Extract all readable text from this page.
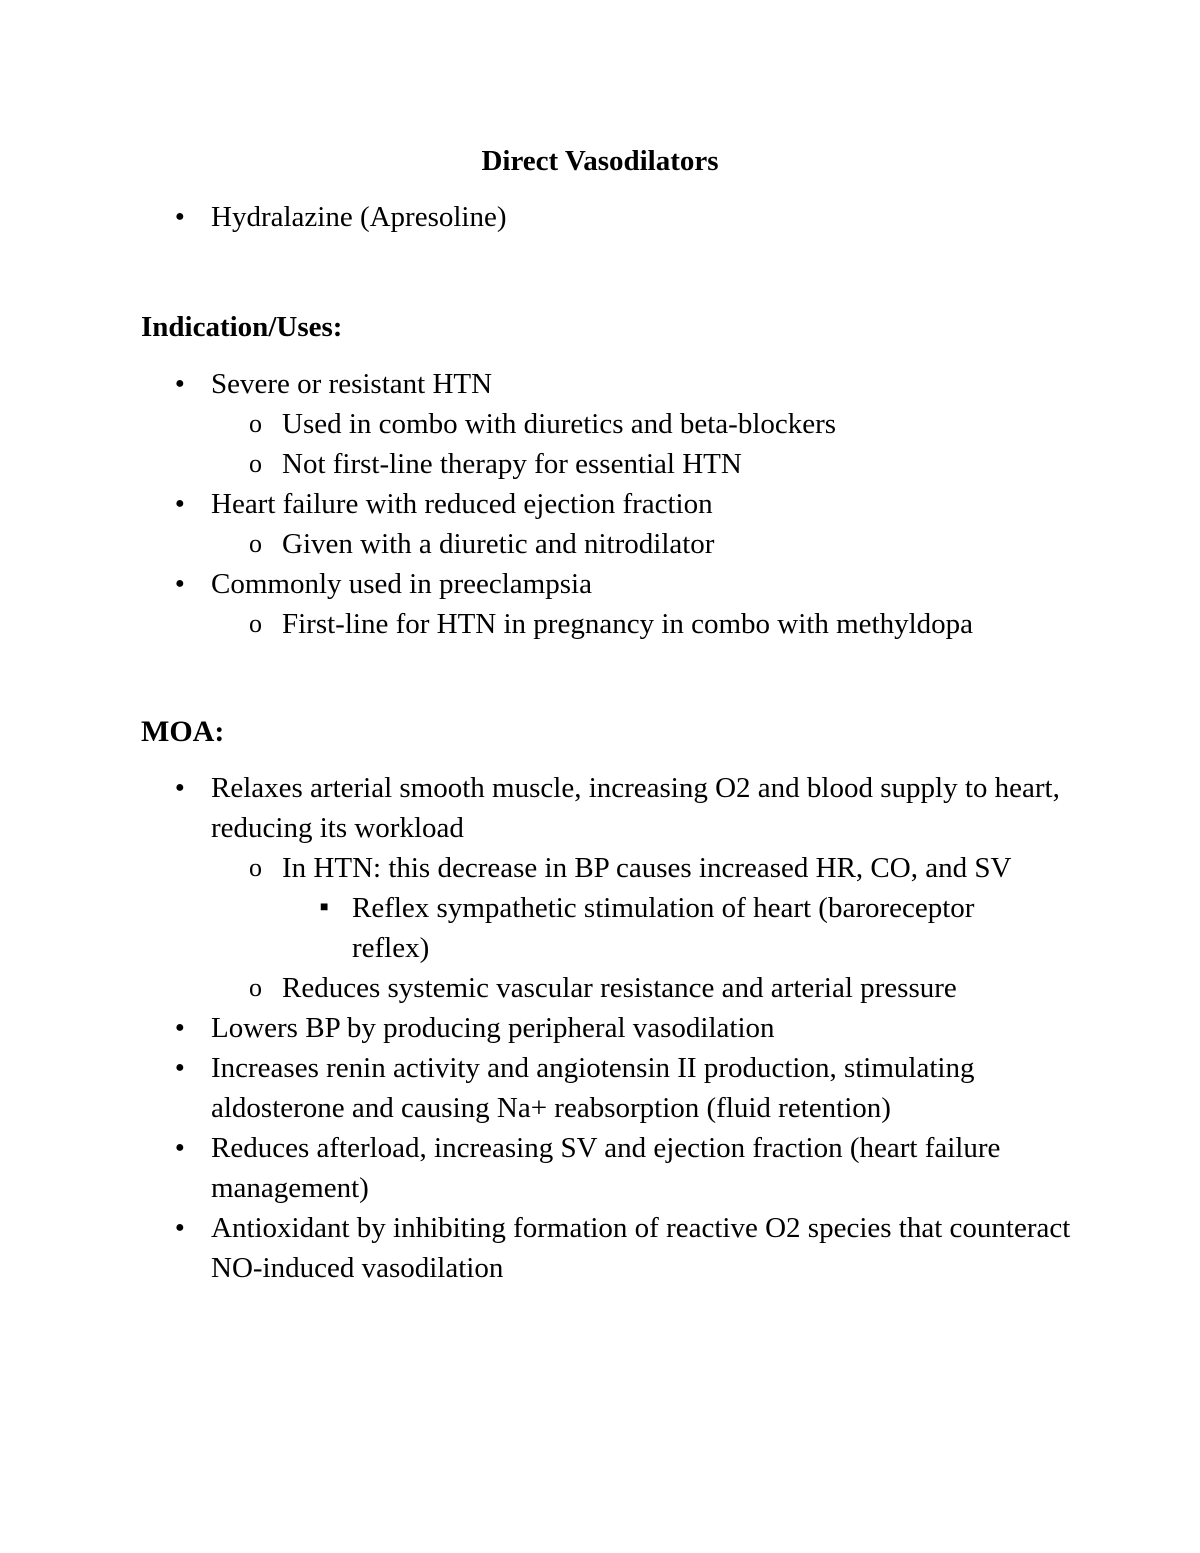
Direct Vasodilators
● Hydralazine (Apresoline)
Indication/Uses:
● Severe or resistant HTN
o Used in combo with diuretics and beta-blockers
o Not first-line therapy for essential HTN
● Heart failure with reduced ejection fraction
o Given with a diuretic and nitrodilator
● Commonly used in preeclampsia
o First-line for HTN in pregnancy in combo with methyldopa
MOA:
● Relaxes arterial smooth muscle, increasing O2 and blood supply to heart, reducing its workload
o In HTN: this decrease in BP causes increased HR, CO, and SV
■ Reflex sympathetic stimulation of heart (baroreceptor reflex)
o Reduces systemic vascular resistance and arterial pressure
● Lowers BP by producing peripheral vasodilation
● Increases renin activity and angiotensin II production, stimulating aldosterone and causing Na+ reabsorption (fluid retention)
● Reduces afterload, increasing SV and ejection fraction (heart failure management)
● Antioxidant by inhibiting formation of reactive O2 species that counteract NO-induced vasodilation
